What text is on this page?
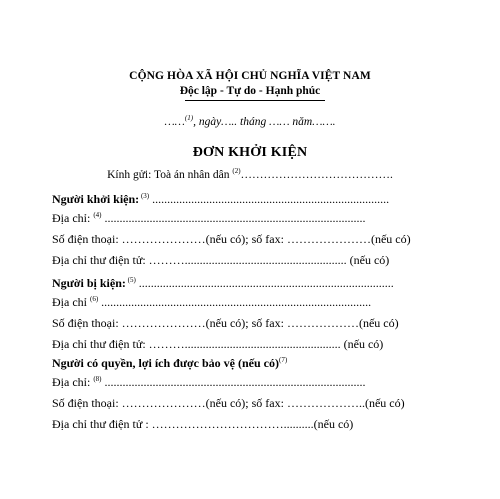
CỘNG HÒA XÃ HỘI CHỦ NGHĨA VIỆT NAM
Độc lập - Tự do - Hạnh phúc
……$^{(1)}$, ngày….. tháng …… năm…….
ĐƠN KHỞI KIỆN
Kính gửi: Toà án nhân dân $^{(2)}$………………………………….
Người khởi kiện: $^{(3)}$ ...............................................................................
Địa chỉ: $^{(4)}$ .......................................................................................
Số điện thoại: …………………(nếu có); số fax: …………………(nếu có)
Địa chỉ thư điện tử: ………...................................................... (nếu có)
Người bị kiện: $^{(5)}$ .....................................................................................
Địa chỉ $^{(6)}$ ..........................................................................................
Số điện thoại: …………………(nếu có); số fax: ………………(nếu có)
Địa chỉ thư điện tử: ……….................................................... (nếu có)
Người có quyền, lợi ích được bảo vệ (nếu có)$^{(7)}$
Địa chỉ: $^{(8)}$ .......................................................................................
Số điện thoại: …………………(nếu có); số fax: ………………..(nếu có)
Địa chỉ thư điện tử : ……………………………..........(nếu có)
